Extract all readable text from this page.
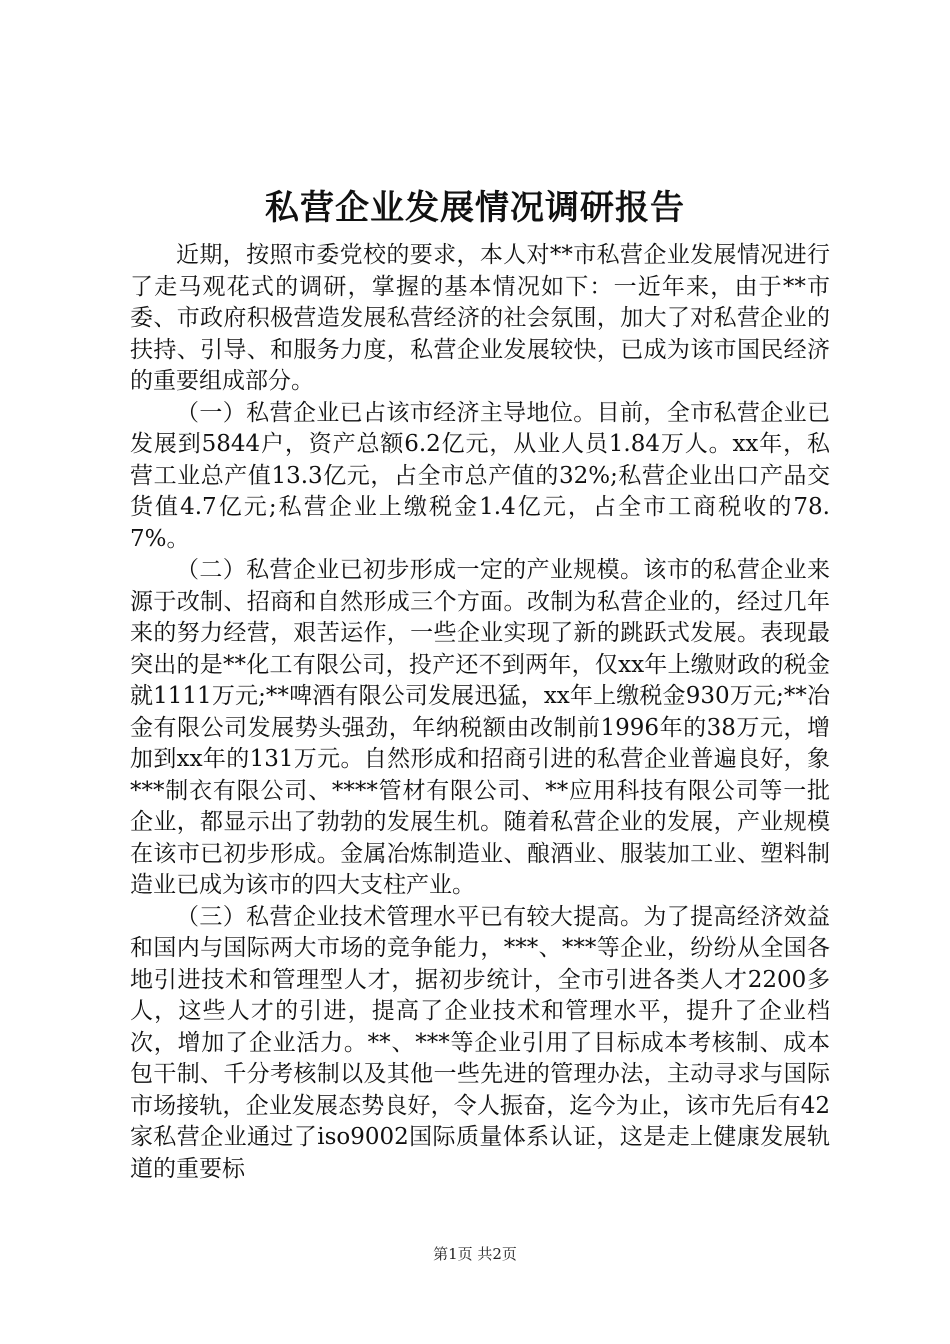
私营企业发展情况调研报告

近期，按照市委党校的要求，本人对**市私营企业发展情况进行了走马观花式的调研，掌握的基本情况如下：一近年来，由于**市委、市政府积极营造发展私营经济的社会氛围，加大了对私营企业的扶持、引导、和服务力度，私营企业发展较快，已成为该市国民经济的重要组成部分。

（一）私营企业已占该市经济主导地位。目前，全市私营企业已发展到5844户，资产总额6.2亿元，从业人员1.84万人。xx年，私营工业总产值13.3亿元，占全市总产值的32%;私营企业出口产品交货值4.7亿元;私营企业上缴税金1.4亿元，占全市工商税收的78.7%。

（二）私营企业已初步形成一定的产业规模。该市的私营企业来源于改制、招商和自然形成三个方面。改制为私营企业的，经过几年来的努力经营，艰苦运作，一些企业实现了新的跳跃式发展。表现最突出的是**化工有限公司，投产还不到两年，仅xx年上缴财政的税金就1111万元;**啤酒有限公司发展迅猛，xx年上缴税金930万元;**冶金有限公司发展势头强劲，年纳税额由改制前1996年的38万元，增加到xx年的131万元。自然形成和招商引进的私营企业普遍良好，象***制衣有限公司、****管材有限公司、**应用科技有限公司等一批企业，都显示出了勃勃的发展生机。随着私营企业的发展，产业规模在该市已初步形成。金属冶炼制造业、酿酒业、服装加工业、塑料制造业已成为该市的四大支柱产业。

（三）私营企业技术管理水平已有较大提高。为了提高经济效益和国内与国际两大市场的竞争能力，***、***等企业，纷纷从全国各地引进技术和管理型人才，据初步统计，全市引进各类人才2200多人，这些人才的引进，提高了企业技术和管理水平，提升了企业档次，增加了企业活力。**、***等企业引用了目标成本考核制、成本包干制、千分考核制以及其他一些先进的管理办法，主动寻求与国际市场接轨，企业发展态势良好，令人振奋，迄今为止，该市先后有42家私营企业通过了iso9002国际质量体系认证，这是走上健康发展轨道的重要标

第1页 共2页
